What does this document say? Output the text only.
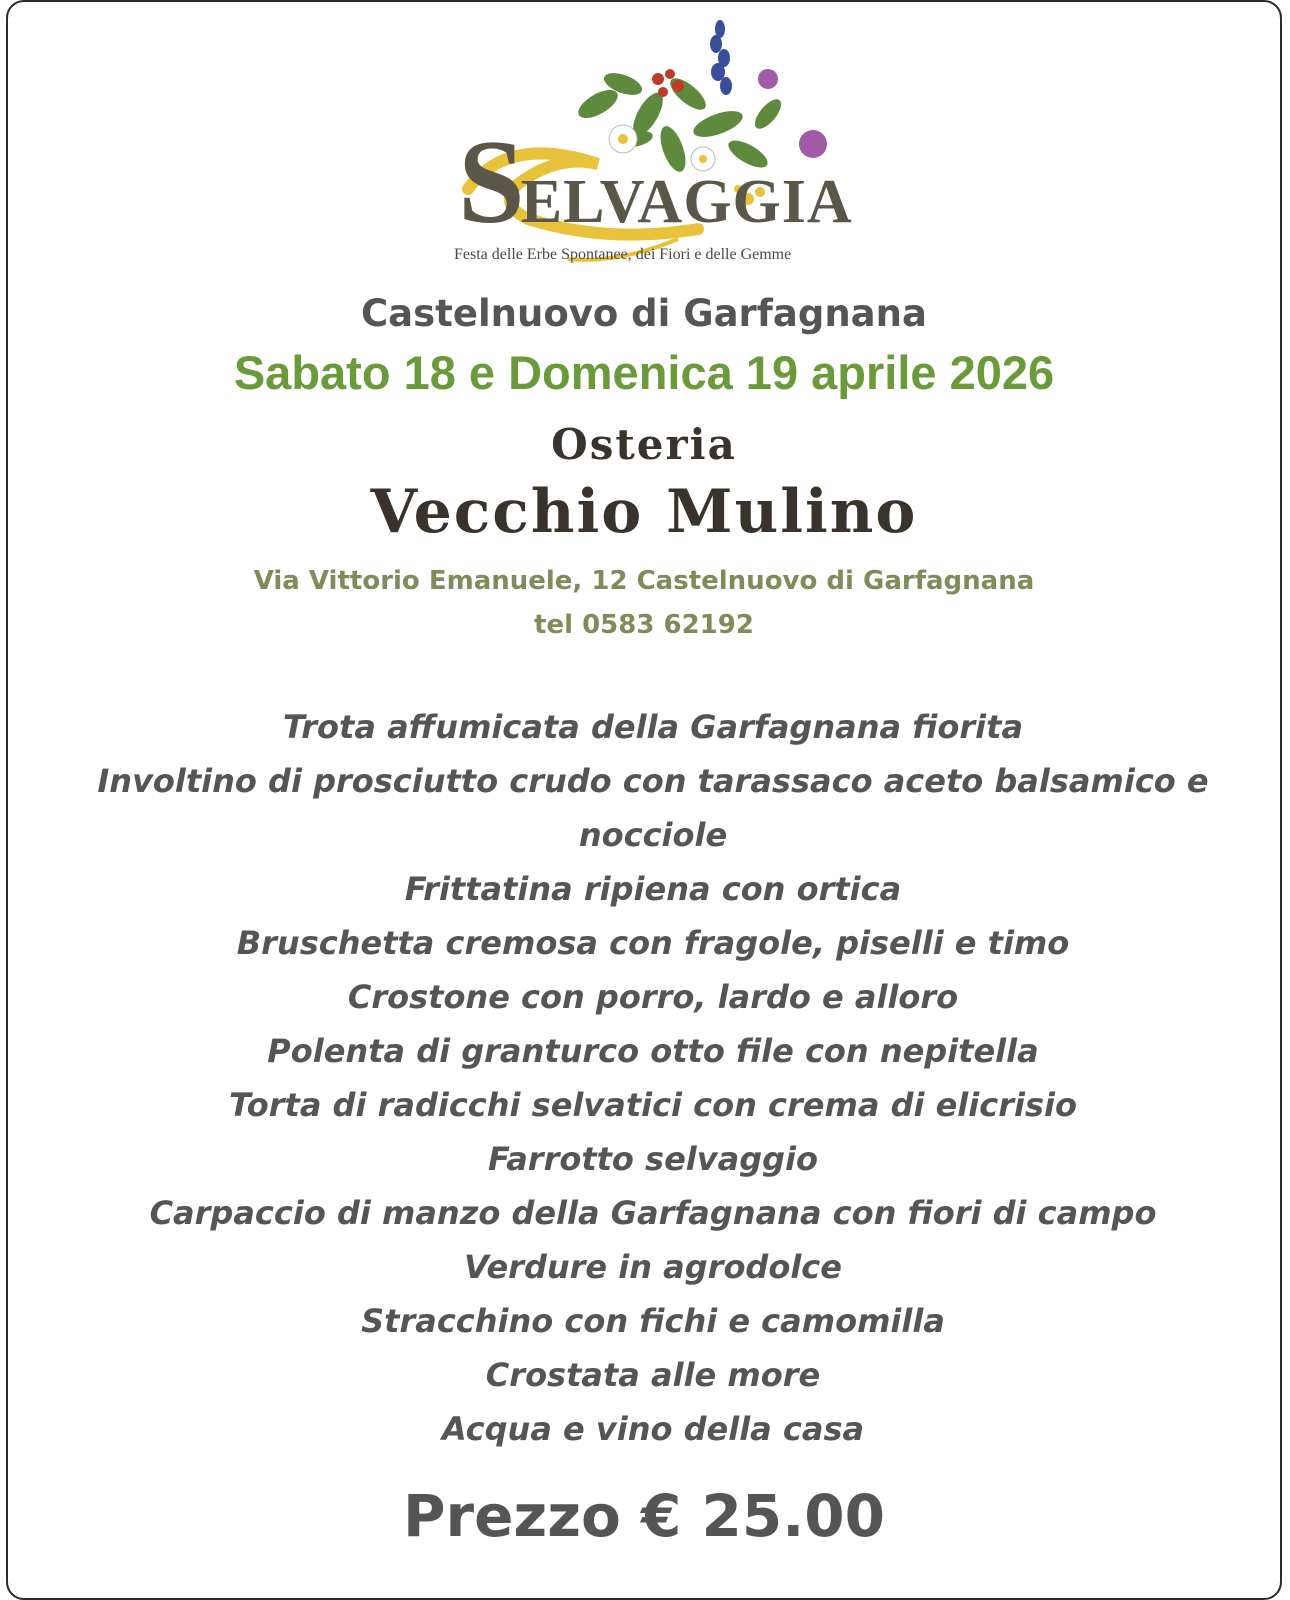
SELVAGGIA
Festa delle Erbe Spontanee, dei Fiori e delle Gemme
Castelnuovo di Garfagnana
Sabato 18 e Domenica 19 aprile 2026
Osteria
Vecchio Mulino
Via Vittorio Emanuele, 12 Castelnuovo di Garfagnana
tel 0583 62192
Trota affumicata della Garfagnana fiorita
Involtino di prosciutto crudo con tarassaco aceto balsamico e nocciole
Frittatina ripiena con ortica
Bruschetta cremosa con fragole, piselli e timo
Crostone con porro, lardo e alloro
Polenta di granturco otto file con nepitella
Torta di radicchi selvatici con crema di elicrisio
Farrotto selvaggio
Carpaccio di manzo della Garfagnana con fiori di campo
Verdure in agrodolce
Stracchino con fichi e camomilla
Crostata alle more
Acqua e vino della casa
Prezzo € 25.00
